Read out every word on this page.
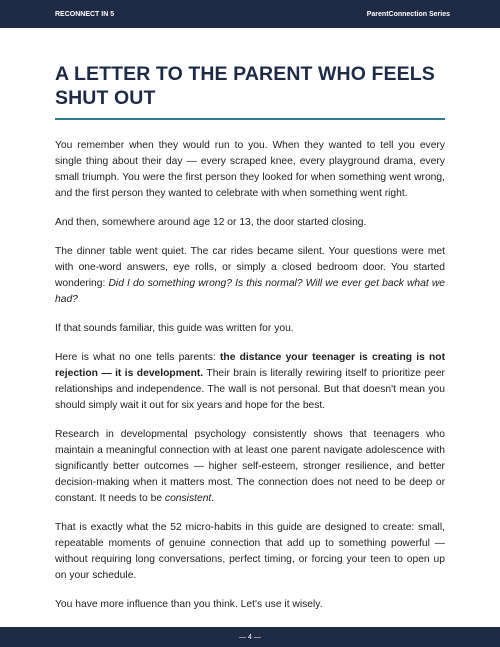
RECONNECT IN 5	ParentConnection Series
A LETTER TO THE PARENT WHO FEELS SHUT OUT

You remember when they would run to you. When they wanted to tell you every single thing about their day — every scraped knee, every playground drama, every small triumph. You were the first person they looked for when something went wrong, and the first person they wanted to celebrate with when something went right.

And then, somewhere around age 12 or 13, the door started closing.

The dinner table went quiet. The car rides became silent. Your questions were met with one-word answers, eye rolls, or simply a closed bedroom door. You started wondering: Did I do something wrong? Is this normal? Will we ever get back what we had?

If that sounds familiar, this guide was written for you.

Here is what no one tells parents: the distance your teenager is creating is not rejection — it is development. Their brain is literally rewiring itself to prioritize peer relationships and independence. The wall is not personal. But that doesn't mean you should simply wait it out for six years and hope for the best.

Research in developmental psychology consistently shows that teenagers who maintain a meaningful connection with at least one parent navigate adolescence with significantly better outcomes — higher self-esteem, stronger resilience, and better decision-making when it matters most. The connection does not need to be deep or constant. It needs to be consistent.

That is exactly what the 52 micro-habits in this guide are designed to create: small, repeatable moments of genuine connection that add up to something powerful — without requiring long conversations, perfect timing, or forcing your teen to open up on your schedule.

You have more influence than you think. Let's use it wisely.

— 4 —
